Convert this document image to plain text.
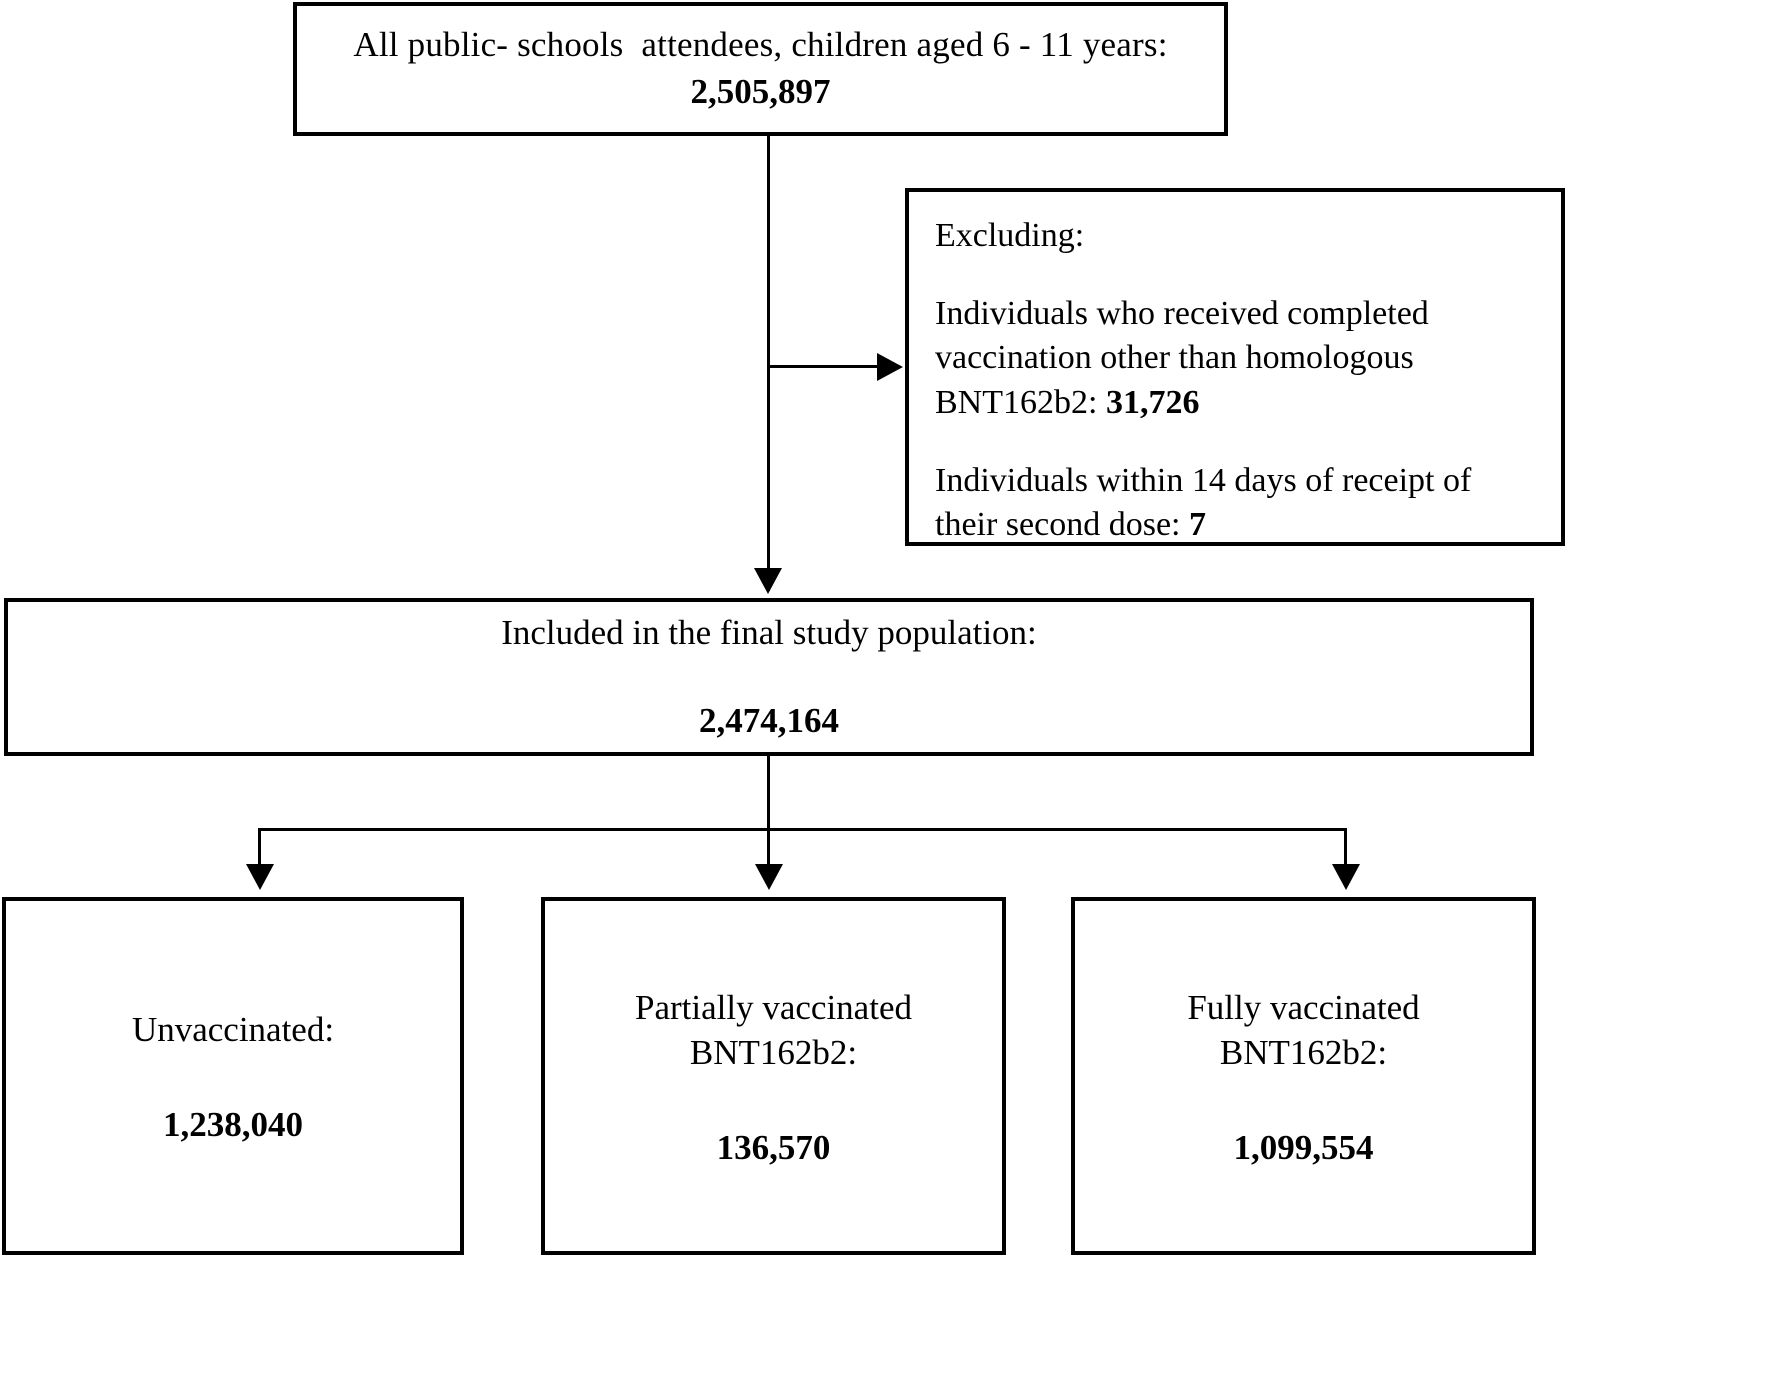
All public- schools  attendees, children aged 6 - 11 years:
2,505,897
Excluding:
Individuals who received completed vaccination other than homologous BNT162b2: 31,726
Individuals within 14 days of receipt of their second dose: 7
Included in the final study population:
2,474,164
Unvaccinated:
1,238,040
Partially vaccinated
BNT162b2:
136,570
Fully vaccinated
BNT162b2:
1,099,554
